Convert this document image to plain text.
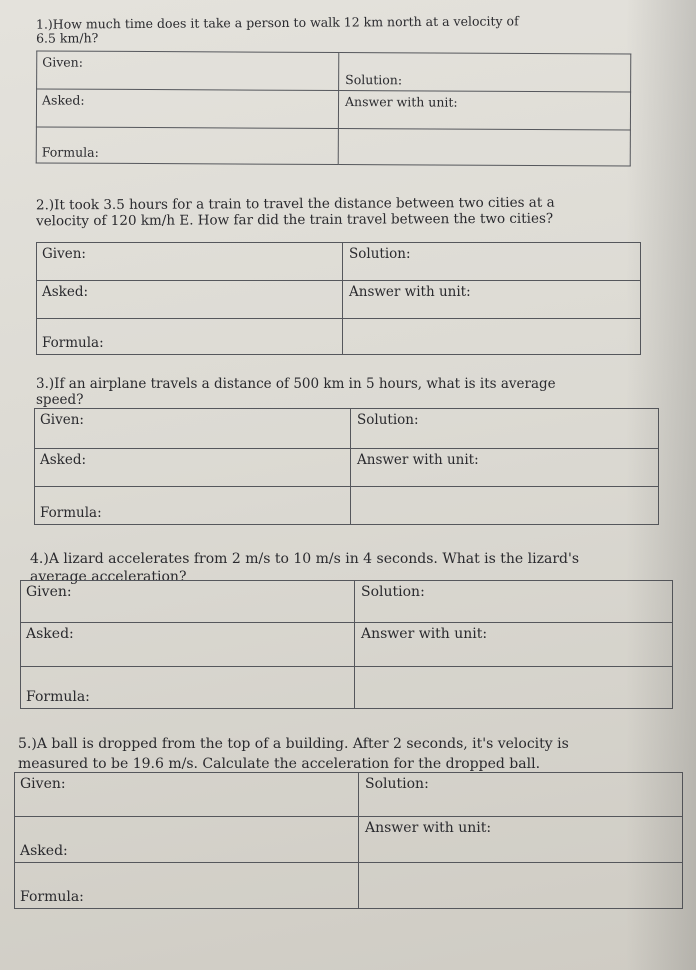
1.)How much time does it take a person to walk 12 km north at a velocity of

6.5 km/h?

Given:	Solution:
Asked:	Answer with unit:
Formula:	

2.)It took 3.5 hours for a train to travel the distance between two cities at a

velocity of 120 km/h E. How far did the train travel between the two cities?

Given:	Solution:
Asked:	Answer with unit:
Formula:	

3.)If an airplane travels a distance of 500 km in 5 hours, what is its average

speed?

Given:	Solution:
Asked:	Answer with unit:
Formula:	

4.)A lizard accelerates from 2 m/s to 10 m/s in 4 seconds. What is the lizard's

average acceleration?

Given:	Solution:
Asked:	Answer with unit:
Formula:	

5.)A ball is dropped from the top of a building. After 2 seconds, it's velocity is

measured to be 19.6 m/s. Calculate the acceleration for the dropped ball.

Given:	Solution:
Asked:	Answer with unit:
Formula:	
